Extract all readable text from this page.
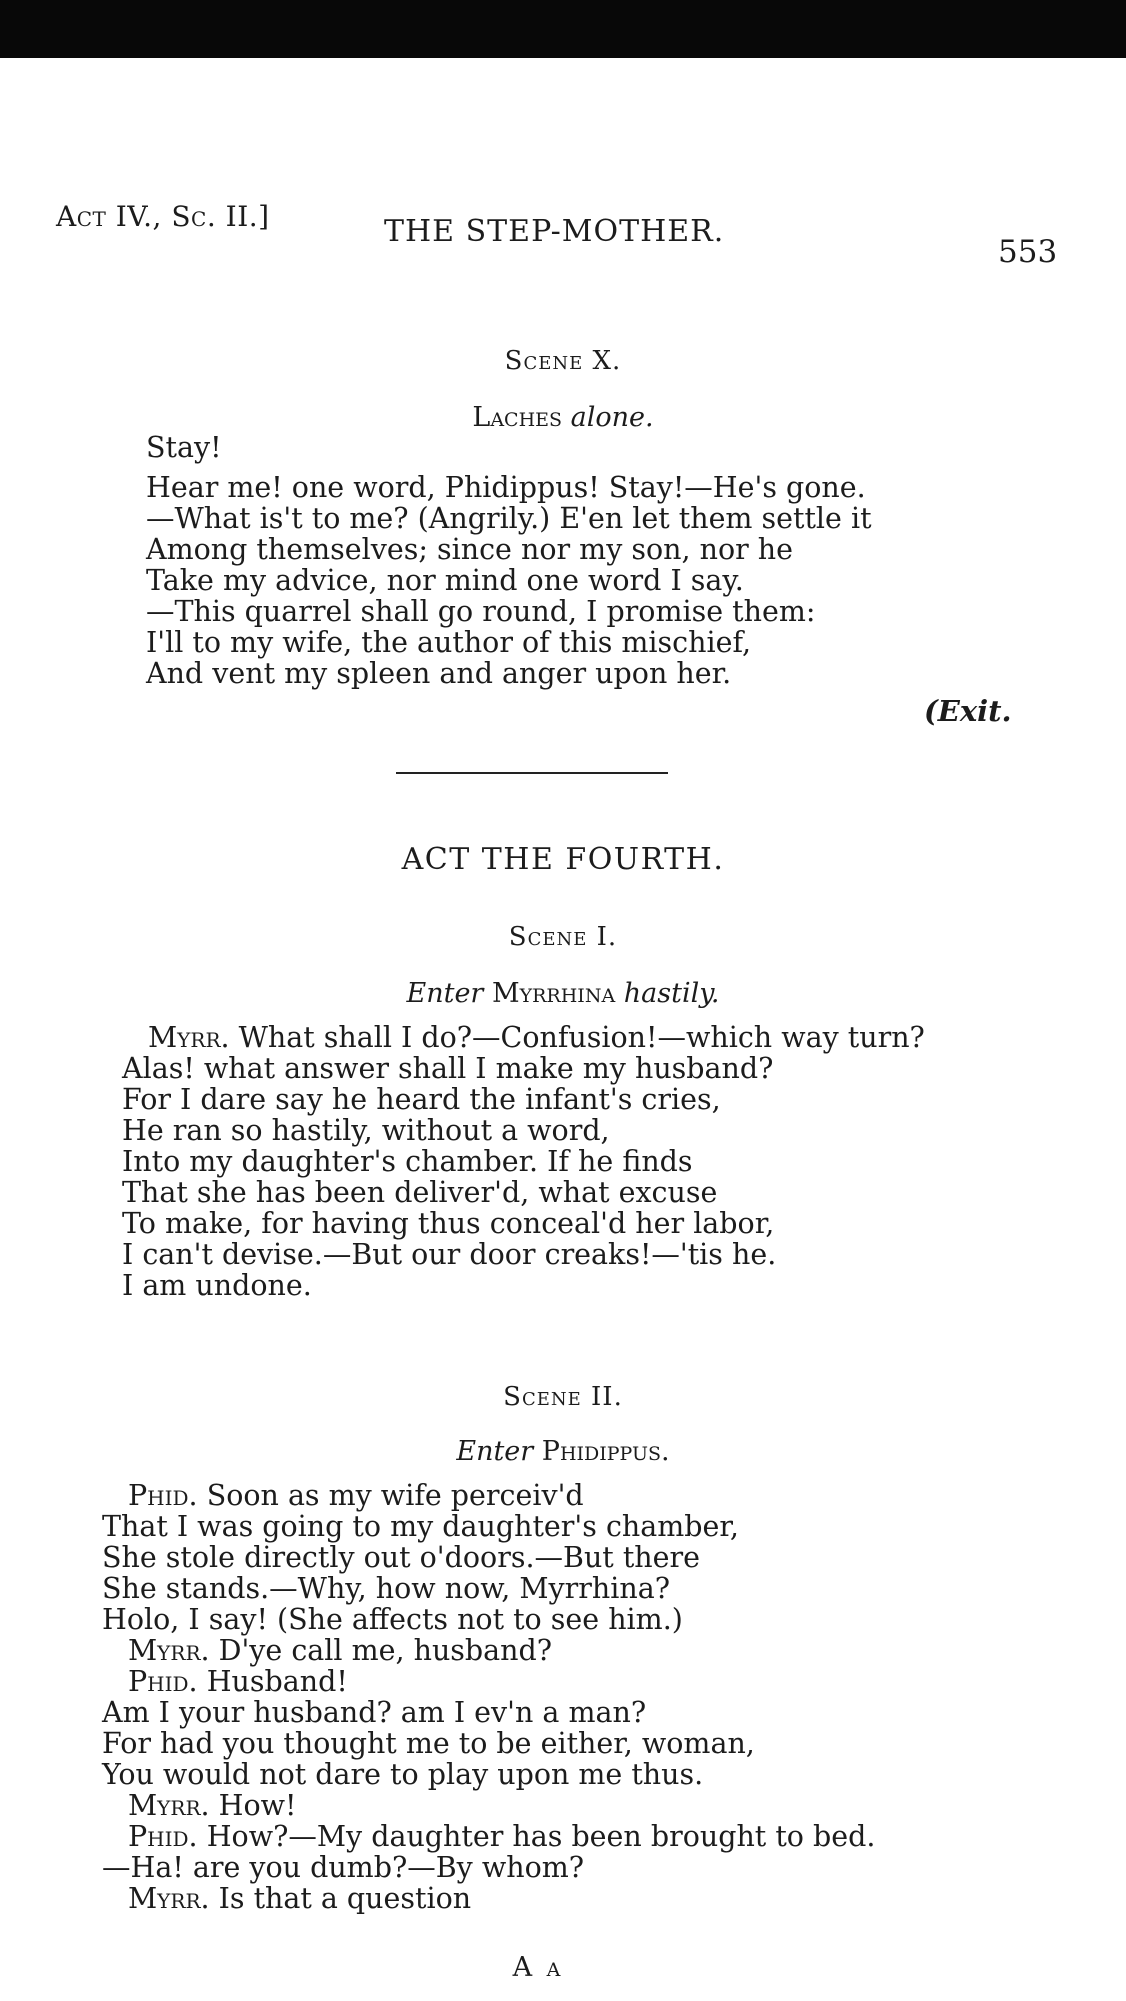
Act IV., Sc. II.]	THE STEP-MOTHER.
553
Scene X.
Laches alone.
Stay!
Hear me! one word, Phidippus! Stay!—He's gone.
—What is't to me? (Angrily.) E'en let them settle it
Among themselves; since nor my son, nor he
Take my advice, nor mind one word I say.
—This quarrel shall go round, I promise them:
I'll to my wife, the author of this mischief,
And vent my spleen and anger upon her.
(Exit.
ACT THE FOURTH.
Scene I.
Enter Myrrhina hastily.
Myrr. What shall I do?—Confusion!—which way turn?
Alas! what answer shall I make my husband?
For I dare say he heard the infant's cries,
He ran so hastily, without a word,
Into my daughter's chamber. If he finds
That she has been deliver'd, what excuse
To make, for having thus conceal'd her labor,
I can't devise.—But our door creaks!—'tis he.
I am undone.
Scene II.
Enter Phidippus.
Phid. Soon as my wife perceiv'd
That I was going to my daughter's chamber,
She stole directly out o'doors.—But there
She stands.—Why, how now, Myrrhina?
Holo, I say! (She affects not to see him.)
Myrr. D'ye call me, husband?
Phid. Husband!
Am I your husband? am I ev'n a man?
For had you thought me to be either, woman,
You would not dare to play upon me thus.
Myrr. How!
Phid. How?—My daughter has been brought to bed.
—Ha! are you dumb?—By whom?
Myrr. Is that a question
A a
